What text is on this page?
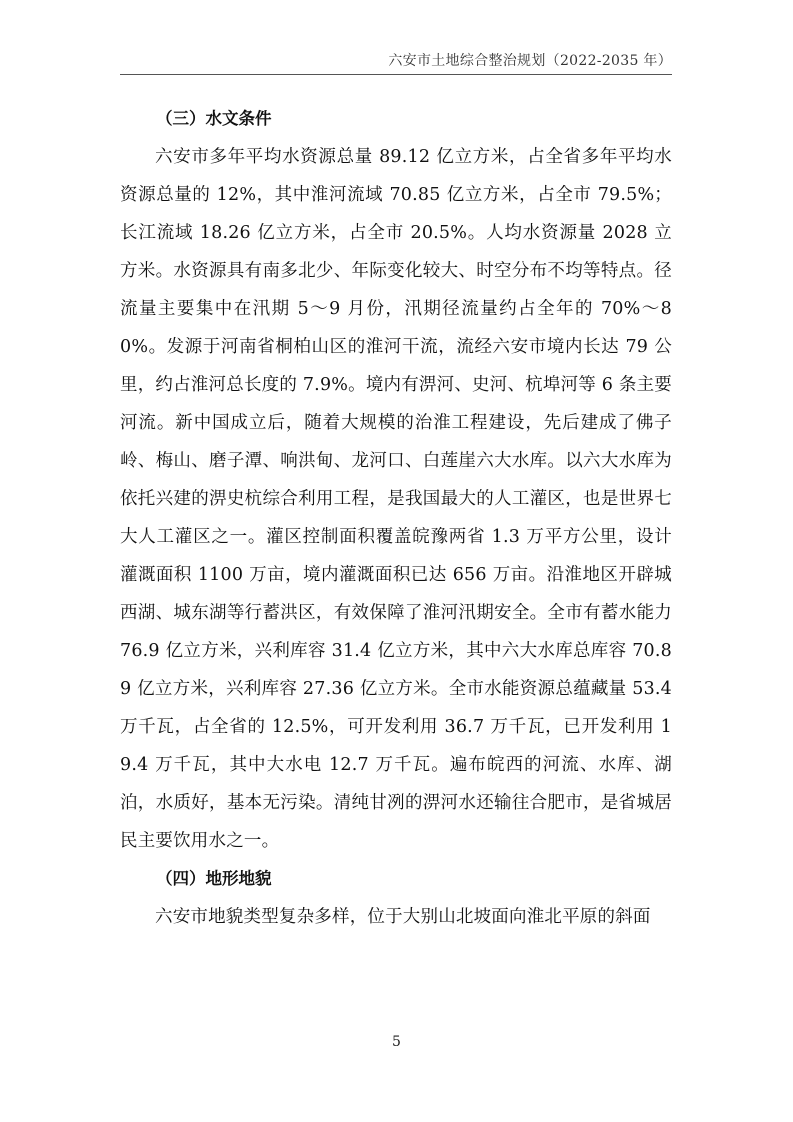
六安市土地综合整治规划（2022-2035 年）
（三）水文条件

六安市多年平均水资源总量 89.12 亿立方米，占全省多年平均水资源总量的 12%，其中淮河流域 70.85 亿立方米，占全市 79.5%；长江流域 18.26 亿立方米，占全市 20.5%。人均水资源量 2028 立方米。水资源具有南多北少、年际变化较大、时空分布不均等特点。径流量主要集中在汛期 5～9 月份，汛期径流量约占全年的 70%～80%。发源于河南省桐柏山区的淮河干流，流经六安市境内长达 79 公里，约占淮河总长度的 7.9%。境内有淠河、史河、杭埠河等 6 条主要河流。新中国成立后，随着大规模的治淮工程建设，先后建成了佛子岭、梅山、磨子潭、响洪甸、龙河口、白莲崖六大水库。以六大水库为依托兴建的淠史杭综合利用工程，是我国最大的人工灌区，也是世界七大人工灌区之一。灌区控制面积覆盖皖豫两省 1.3 万平方公里，设计灌溉面积 1100 万亩，境内灌溉面积已达 656 万亩。沿淮地区开辟城西湖、城东湖等行蓄洪区，有效保障了淮河汛期安全。全市有蓄水能力 76.9 亿立方米，兴利库容 31.4 亿立方米，其中六大水库总库容 70.89 亿立方米，兴利库容 27.36 亿立方米。全市水能资源总蕴藏量 53.4 万千瓦，占全省的 12.5%，可开发利用 36.7 万千瓦，已开发利用 19.4 万千瓦，其中大水电 12.7 万千瓦。遍布皖西的河流、水库、湖泊，水质好，基本无污染。清纯甘冽的淠河水还输往合肥市，是省城居民主要饮用水之一。

（四）地形地貌

六安市地貌类型复杂多样，位于大别山北坡面向淮北平原的斜面

5
